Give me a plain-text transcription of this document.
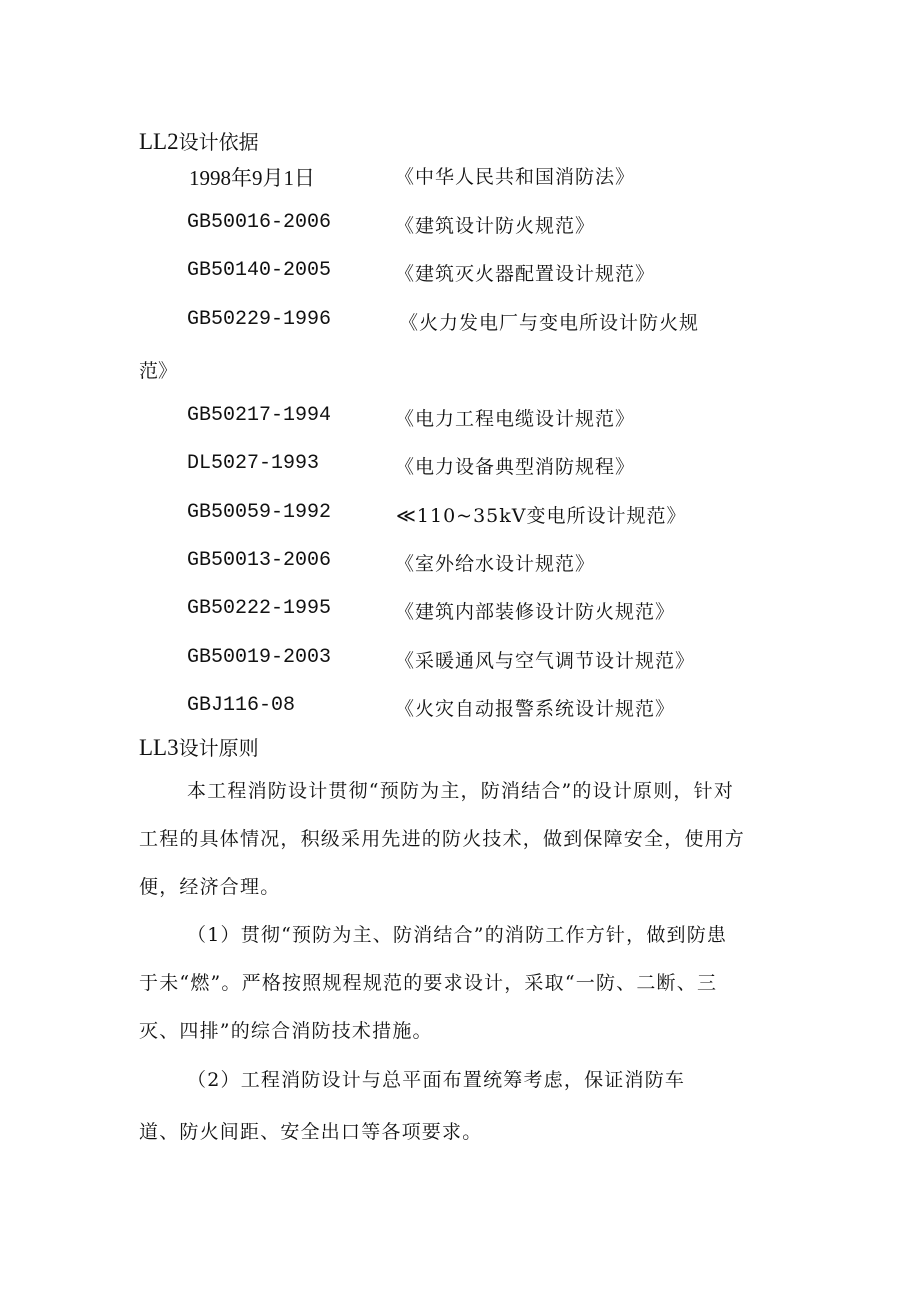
LL2设计依据
1998年9月1日	《中华人民共和国消防法》
GB50016-2006	《建筑设计防火规范》
GB50140-2005	《建筑灭火器配置设计规范》
GB50229-1996	《火力发电厂与变电所设计防火规
范》
GB50217-1994	《电力工程电缆设计规范》
DL5027-1993	《电力设备典型消防规程》
GB50059-1992	≪110~35kV变电所设计规范》
GB50013-2006	《室外给水设计规范》
GB50222-1995	《建筑内部装修设计防火规范》
GB50019-2003	《采暖通风与空气调节设计规范》
GBJ116-08	《火灾自动报警系统设计规范》
LL3设计原则
本工程消防设计贯彻“预防为主，防消结合”的设计原则，针对
工程的具体情况，积级采用先进的防火技术，做到保障安全，使用方
便，经济合理。
（1）贯彻“预防为主、防消结合”的消防工作方针，做到防患
于未“燃”。严格按照规程规范的要求设计，采取“一防、二断、三
灭、四排”的综合消防技术措施。
（2）工程消防设计与总平面布置统筹考虑，保证消防车
道、防火间距、安全出口等各项要求。
